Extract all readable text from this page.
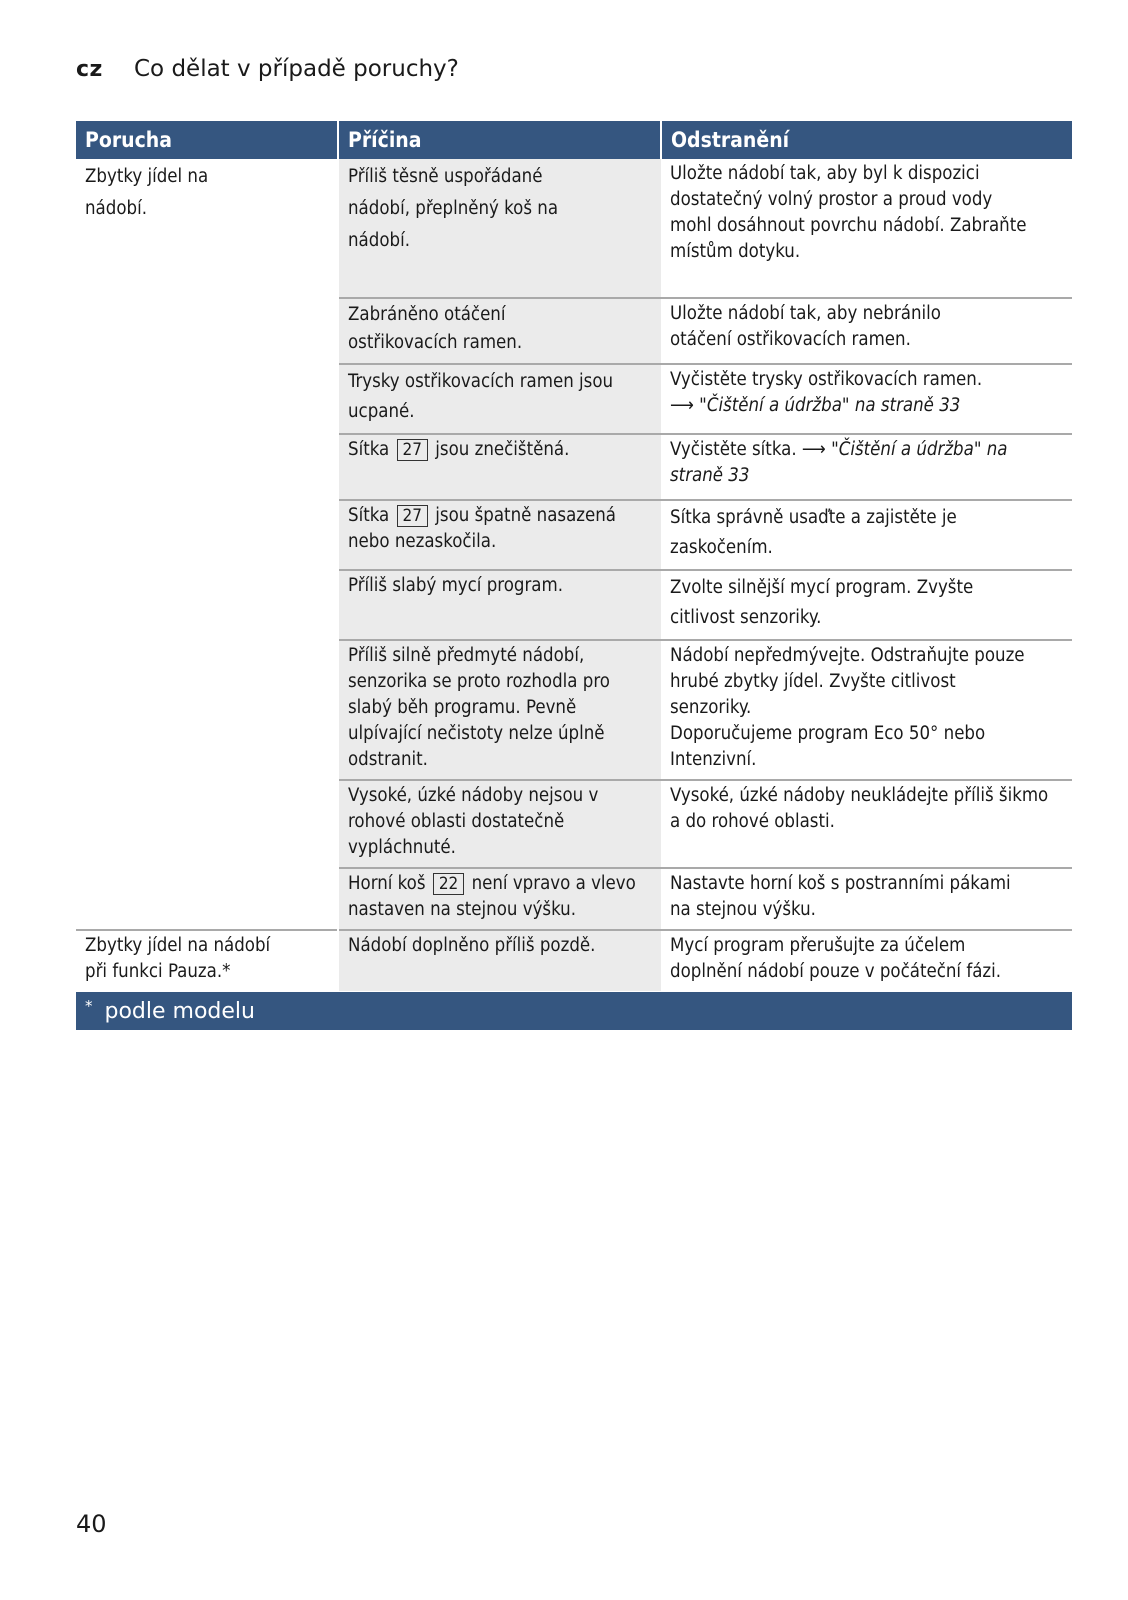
cz	Co dělat v případě poruchy?
Porucha	Příčina	Odstranění

Zbytky jídel na nádobí.	Příliš těsně uspořádané nádobí, přeplněný koš na nádobí.	Uložte nádobí tak, aby byl k dispozici dostatečný volný prostor a proud vody mohl dosáhnout povrchu nádobí. Zabraňte místům dotyku.

	Zabráněno otáčení ostřikovacích ramen.	Uložte nádobí tak, aby nebránilo otáčení ostřikovacích ramen.

	Trysky ostřikovacích ramen jsou ucpané.	Vyčistěte trysky ostřikovacích ramen.
⟶ "Čištění a údržba" na straně 33

	Sítka 27 jsou znečištěná.	Vyčistěte sítka. ⟶ "Čištění a údržba" na straně 33
	Sítka 27 jsou špatně nasazená nebo nezaskočila.	Sítka správně usaďte a zajistěte je zaskočením.

	Příliš slabý mycí program.	Zvolte silnější mycí program. Zvyšte citlivost senzoriky.

	Příliš silně předmyté nádobí, senzorika se proto rozhodla pro slabý běh programu. Pevně ulpívající nečistoty nelze úplně odstranit.	Nádobí nepředmývejte. Odstraňujte pouze hrubé zbytky jídel. Zvyšte citlivost senzoriky.
Doporučujeme program Eco 50° nebo Intenzivní.

	Vysoké, úzké nádoby nejsou v rohové oblasti dostatečně vypláchnuté.	Vysoké, úzké nádoby neukládejte příliš šikmo a do rohové oblasti.

	Horní koš 22 není vpravo a vlevo nastaven na stejnou výšku.	Nastavte horní koš s postranními pákami na stejnou výšku.

Zbytky jídel na nádobí při funkci Pauza.*	Nádobí doplněno příliš pozdě.	Mycí program přerušujte za účelem doplnění nádobí pouze v počáteční fázi.
* podle modelu
40
